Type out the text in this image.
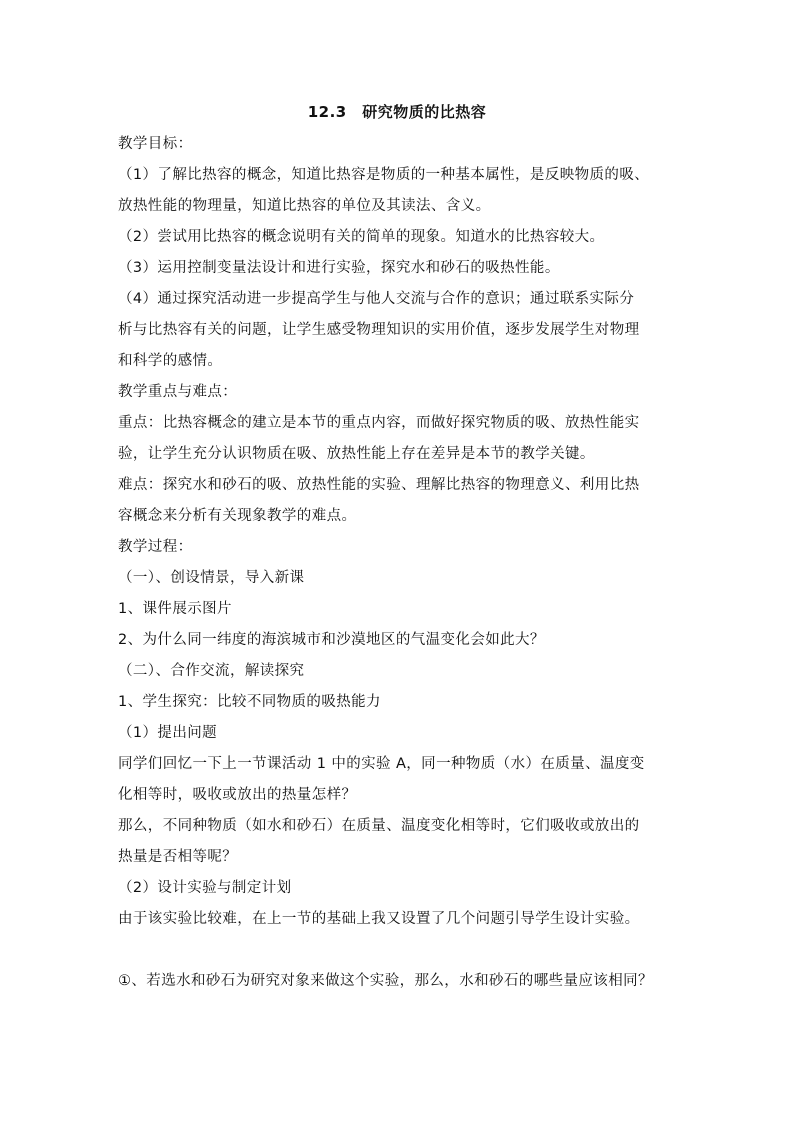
12.3　研究物质的比热容
教学目标：
（1）了解比热容的概念，知道比热容是物质的一种基本属性，是反映物质的吸、
放热性能的物理量，知道比热容的单位及其读法、含义。
（2）尝试用比热容的概念说明有关的简单的现象。知道水的比热容较大。
（3）运用控制变量法设计和进行实验，探究水和砂石的吸热性能。
（4）通过探究活动进一步提高学生与他人交流与合作的意识；通过联系实际分
析与比热容有关的问题，让学生感受物理知识的实用价值，逐步发展学生对物理
和科学的感情。
教学重点与难点：
重点：比热容概念的建立是本节的重点内容，而做好探究物质的吸、放热性能实
验，让学生充分认识物质在吸、放热性能上存在差异是本节的教学关键。
难点：探究水和砂石的吸、放热性能的实验、理解比热容的物理意义、利用比热
容概念来分析有关现象教学的难点。
教学过程：
（一）、创设情景，导入新课
1、课件展示图片
2、为什么同一纬度的海滨城市和沙漠地区的气温变化会如此大？
（二）、合作交流，解读探究
1、学生探究：比较不同物质的吸热能力
（1）提出问题
同学们回忆一下上一节课活动 1 中的实验 A，同一种物质（水）在质量、温度变
化相等时，吸收或放出的热量怎样？
那么，不同种物质（如水和砂石）在质量、温度变化相等时，它们吸收或放出的
热量是否相等呢？
（2）设计实验与制定计划
由于该实验比较难，在上一节的基础上我又设置了几个问题引导学生设计实验。
①、若选水和砂石为研究对象来做这个实验，那么，水和砂石的哪些量应该相同？
